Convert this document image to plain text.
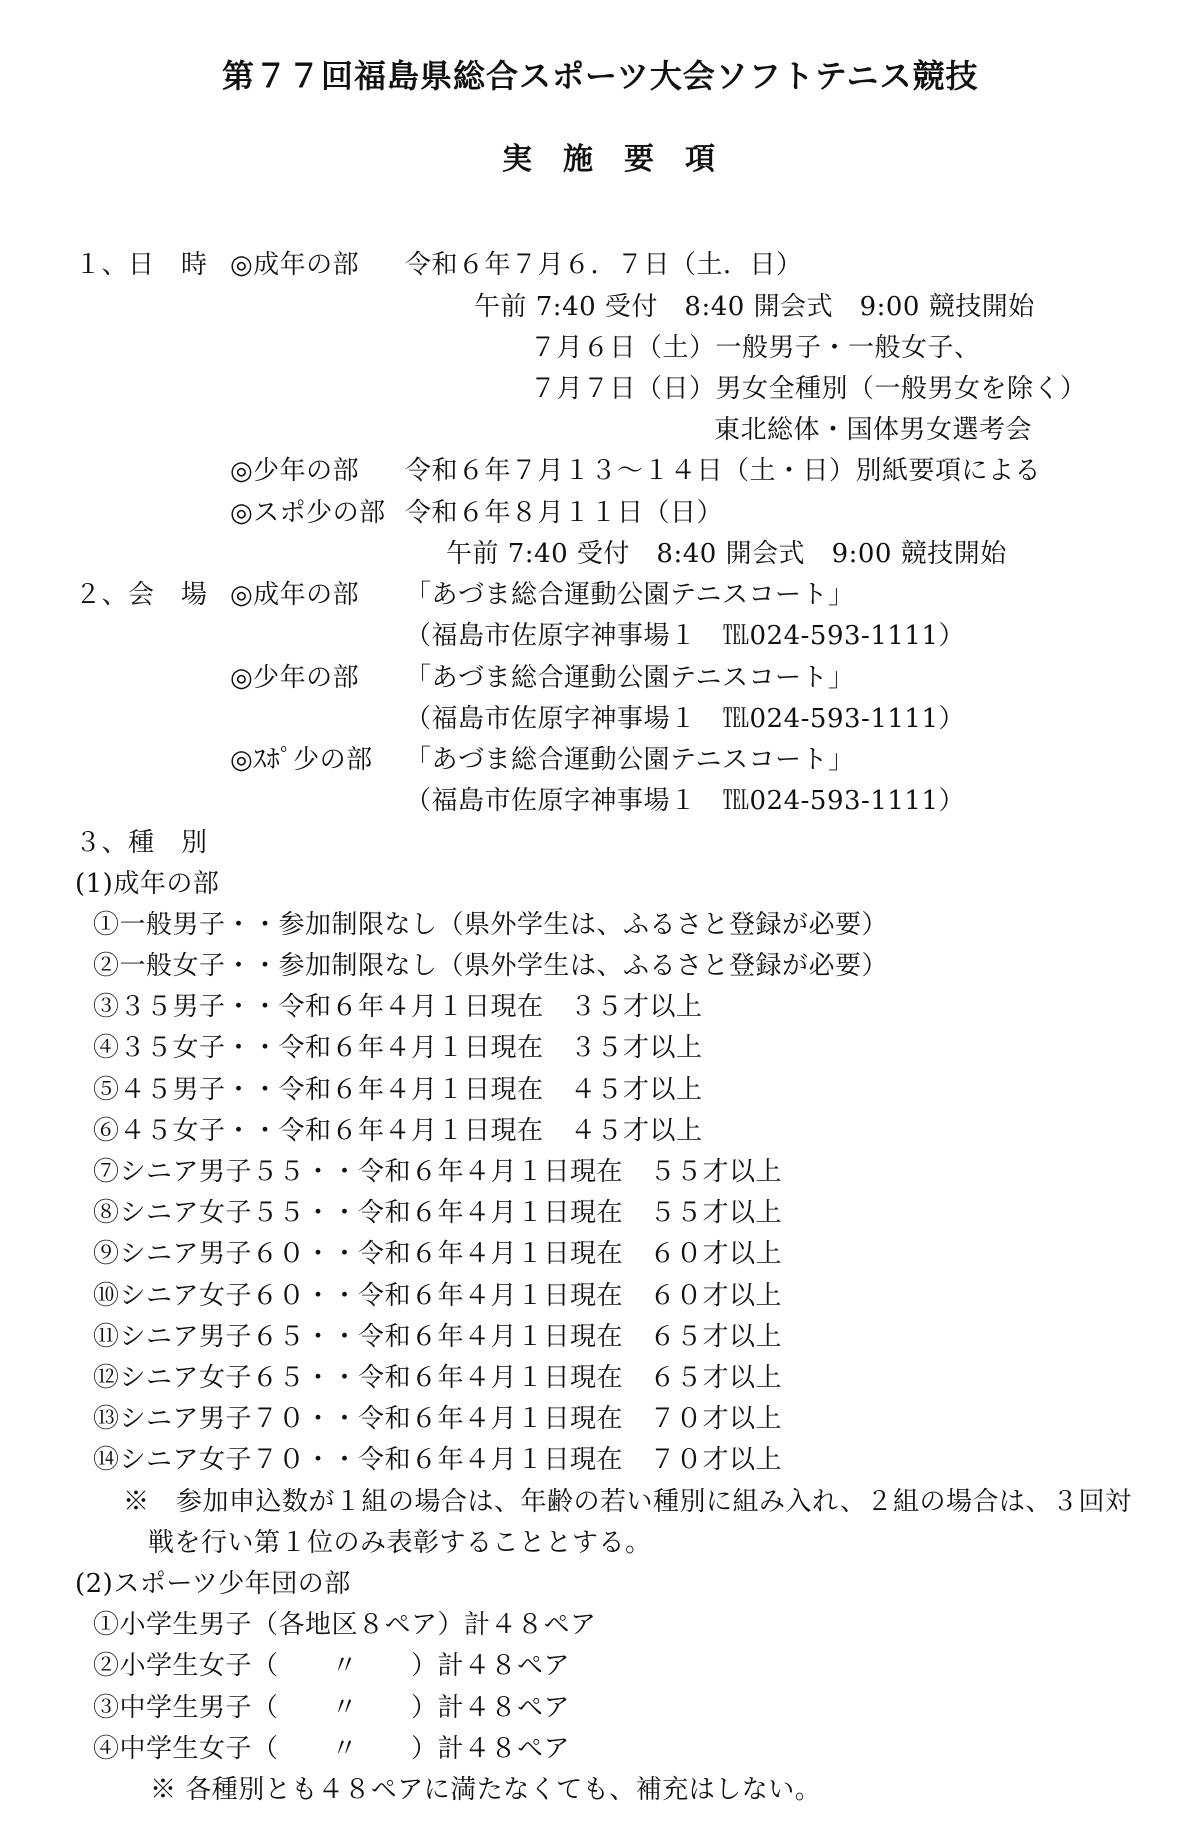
第７７回福島県総合スポーツ大会ソフトテニス競技
実　施　要　項
１、日　時 ◎成年の部 令和６年７月６．７日（土．日）
午前 7:40 受付　8:40 開会式　9:00 競技開始
７月６日（土）一般男子・一般女子、
７月７日（日）男女全種別（一般男女を除く）
東北総体・国体男女選考会
◎少年の部 令和６年７月１３～１４日（土・日）別紙要項による
◎スポ少の部 令和６年８月１１日（日）
午前 7:40 受付　8:40 開会式　9:00 競技開始
２、会　場 ◎成年の部 「あづま総合運動公園テニスコート」
（福島市佐原字神事場１　℡024-593-1111）
◎少年の部 「あづま総合運動公園テニスコート」
（福島市佐原字神事場１　℡024-593-1111）
◎ｽﾎﾟ少の部 「あづま総合運動公園テニスコート」
（福島市佐原字神事場１　℡024-593-1111）
３、種　別
(1)成年の部
①一般男子・・参加制限なし（県外学生は、ふるさと登録が必要）
②一般女子・・参加制限なし（県外学生は、ふるさと登録が必要）
③３５男子・・令和６年４月１日現在　３５才以上
④３５女子・・令和６年４月１日現在　３５才以上
⑤４５男子・・令和６年４月１日現在　４５才以上
⑥４５女子・・令和６年４月１日現在　４５才以上
⑦シニア男子５５・・令和６年４月１日現在　５５才以上
⑧シニア女子５５・・令和６年４月１日現在　５５才以上
⑨シニア男子６０・・令和６年４月１日現在　６０才以上
⑩シニア女子６０・・令和６年４月１日現在　６０才以上
⑪シニア男子６５・・令和６年４月１日現在　６５才以上
⑫シニア女子６５・・令和６年４月１日現在　６５才以上
⑬シニア男子７０・・令和６年４月１日現在　７０才以上
⑭シニア女子７０・・令和６年４月１日現在　７０才以上
※　参加申込数が１組の場合は、年齢の若い種別に組み入れ、２組の場合は、３回対
戦を行い第１位のみ表彰することとする。
(2)スポーツ少年団の部
①小学生男子（各地区８ペア）計４８ペア
②小学生女子（　　〃　　）計４８ペア
③中学生男子（　　〃　　）計４８ペア
④中学生女子（　　〃　　）計４８ペア
※ 各種別とも４８ペアに満たなくても、補充はしない。
